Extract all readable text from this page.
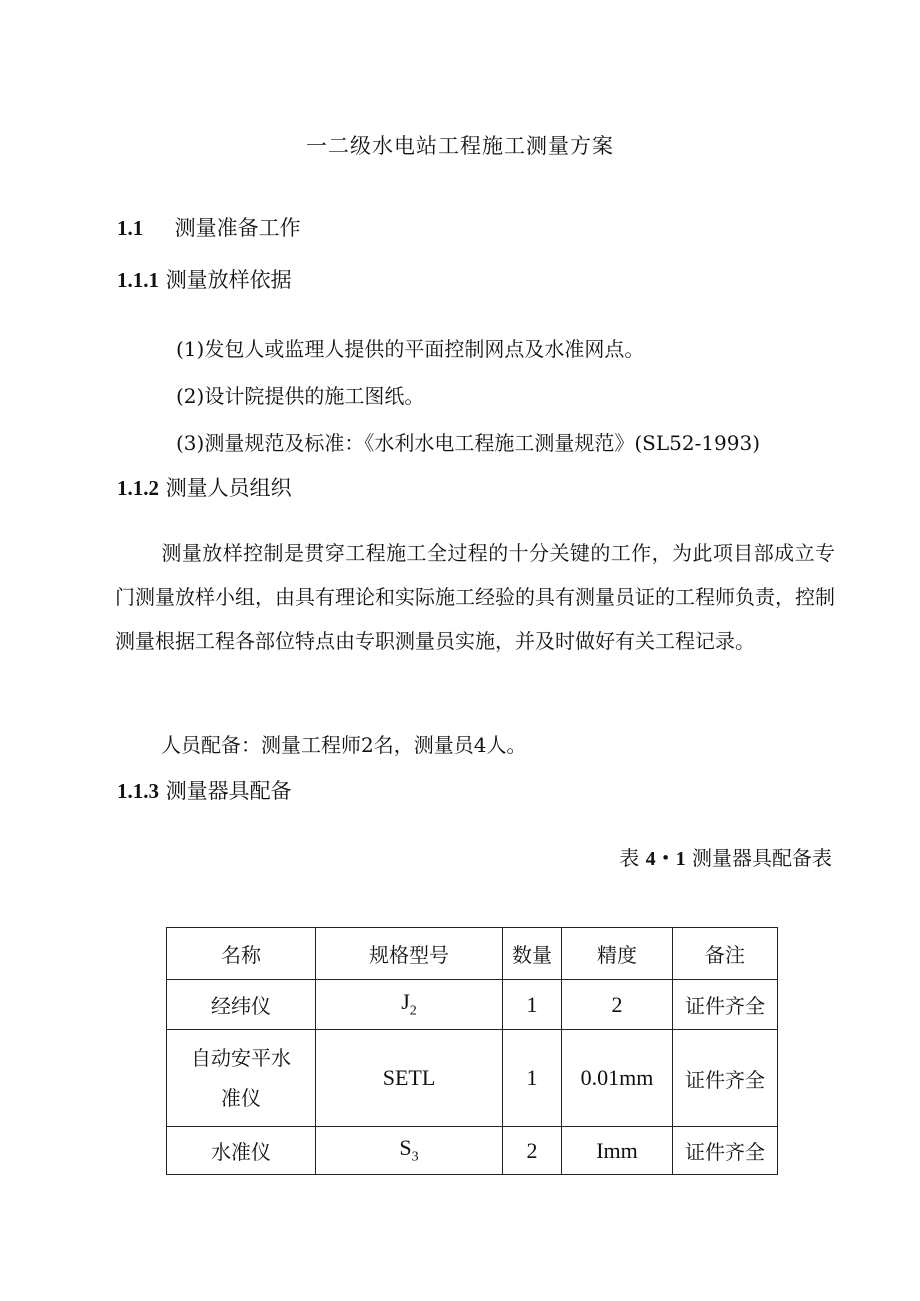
一二级水电站工程施工测量方案
1.1 测量准备工作
1.1.1 测量放样依据
(1)发包人或监理人提供的平面控制网点及水准网点。
(2)设计院提供的施工图纸。
(3)测量规范及标准：《水利水电工程施工测量规范》(SL52-1993)
1.1.2 测量人员组织
测量放样控制是贯穿工程施工全过程的十分关键的工作，为此项目部成立专门测量放样小组，由具有理论和实际施工经验的具有测量员证的工程师负责，控制测量根据工程各部位特点由专职测量员实施，并及时做好有关工程记录。
人员配备：测量工程师2名，测量员4人。
1.1.3 测量器具配备
表 4・1 测量器具配备表
名称	规格型号	数量	精度	备注
经纬仪	$J_2$	1	2	证件齐全

自动安平水准仪	SETL	1	0.01mm	证件齐全
水准仪	$S_3$	2	Imm	证件齐全
